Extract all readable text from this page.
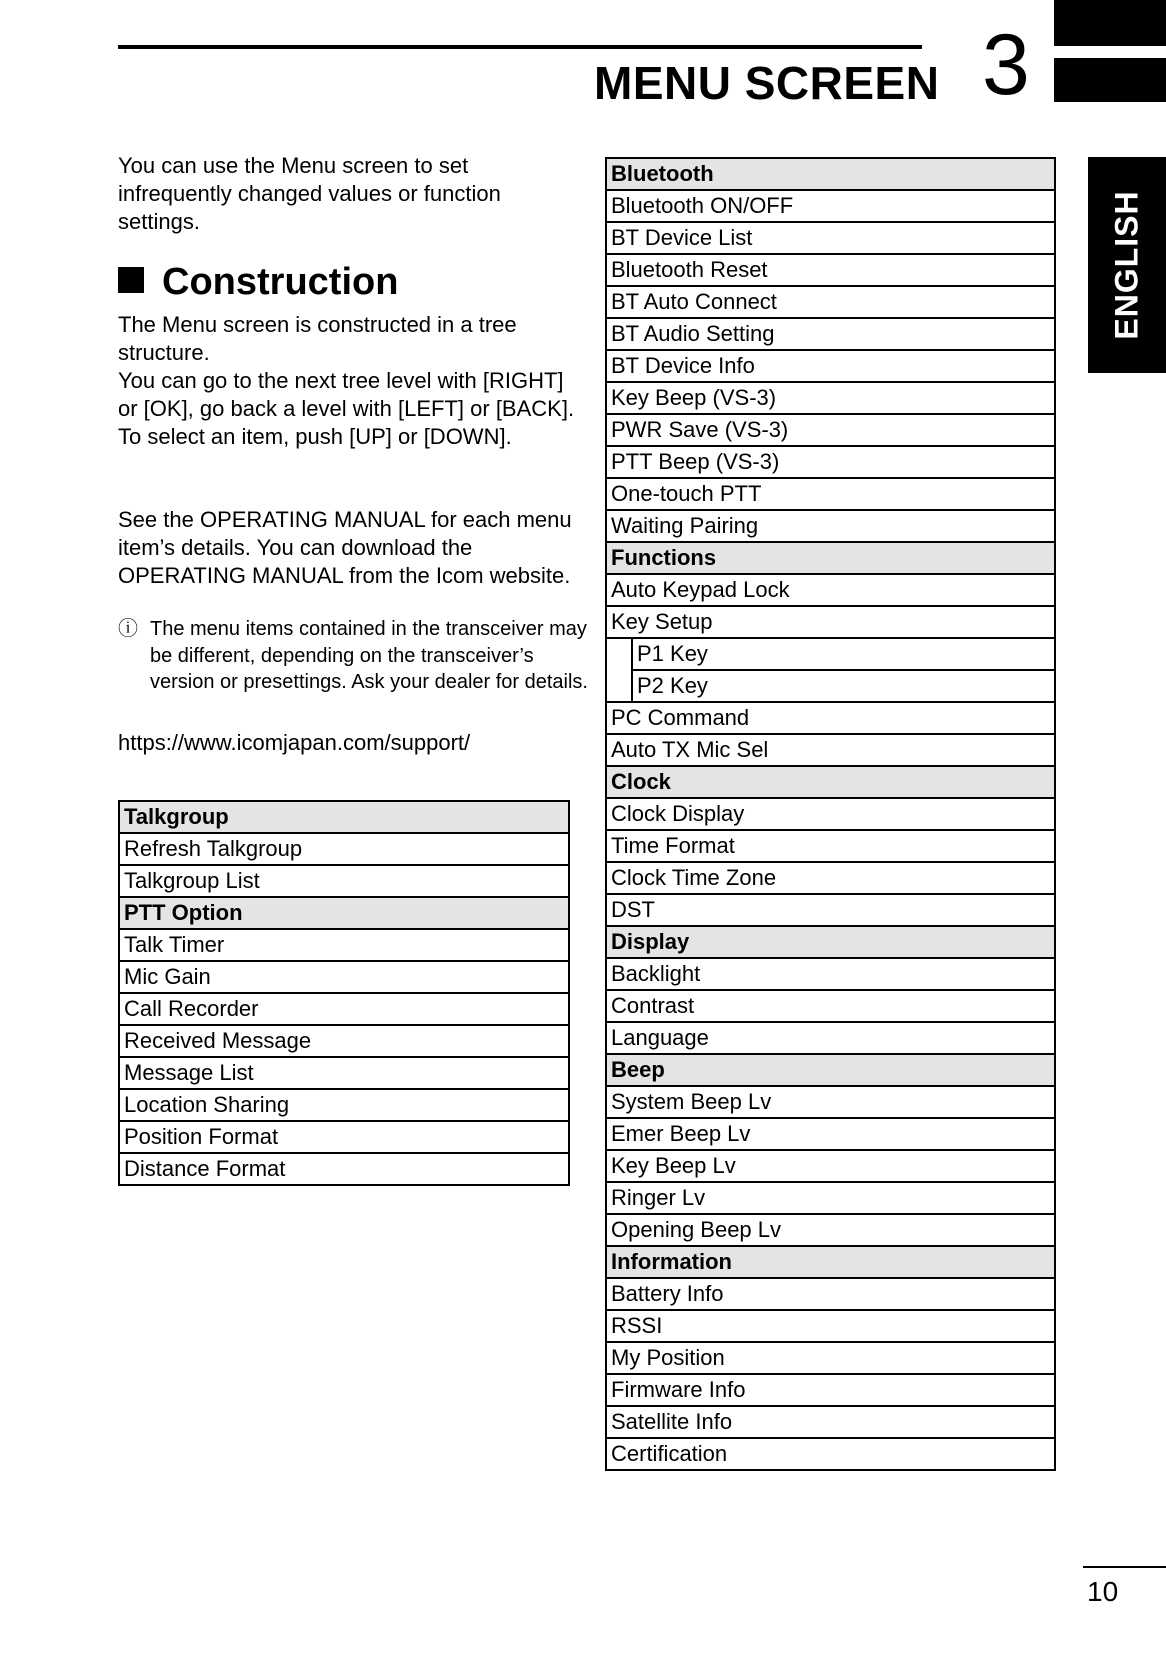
MENU SCREEN 3
ENGLISH
You can use the Menu screen to set infrequently changed values or function settings.
Construction

The Menu screen is constructed in a tree structure.

You can go to the next tree level with [RIGHT] or [OK], go back a level with [LEFT] or [BACK].

To select an item, push [UP] or [DOWN].

See the OPERATING MANUAL for each menu item’s details. You can download the OPERATING MANUAL from the Icom website.

ⓘ The menu items contained in the transceiver may be different, depending on the transceiver’s version or presettings. Ask your dealer for details.
https://www.icomjapan.com/support/
Talkgroup
Refresh Talkgroup
Talkgroup List
PTT Option
Talk Timer
Mic Gain
Call Recorder
Received Message
Message List
Location Sharing
Position Format
Distance Format
Bluetooth	
Bluetooth ON/OFF	
BT Device List	
Bluetooth Reset	
BT Auto Connect	
BT Audio Setting	
BT Device Info	
Key Beep (VS-3)	
PWR Save (VS-3)	
PTT Beep (VS-3)	
One-touch PTT	
Waiting Pairing	
Functions	
Auto Keypad Lock	
Key Setup	
	P1 Key
	P2 Key
PC Command	
Auto TX Mic Sel	
Clock	
Clock Display	
Time Format	
Clock Time Zone	
DST	
Display	
Backlight	
Contrast	
Language	
Beep	
System Beep Lv	
Emer Beep Lv	
Key Beep Lv	
Ringer Lv	
Opening Beep Lv	
Information	
Battery Info	
RSSI	
My Position	
Firmware Info	
Satellite Info	
Certification	
10
